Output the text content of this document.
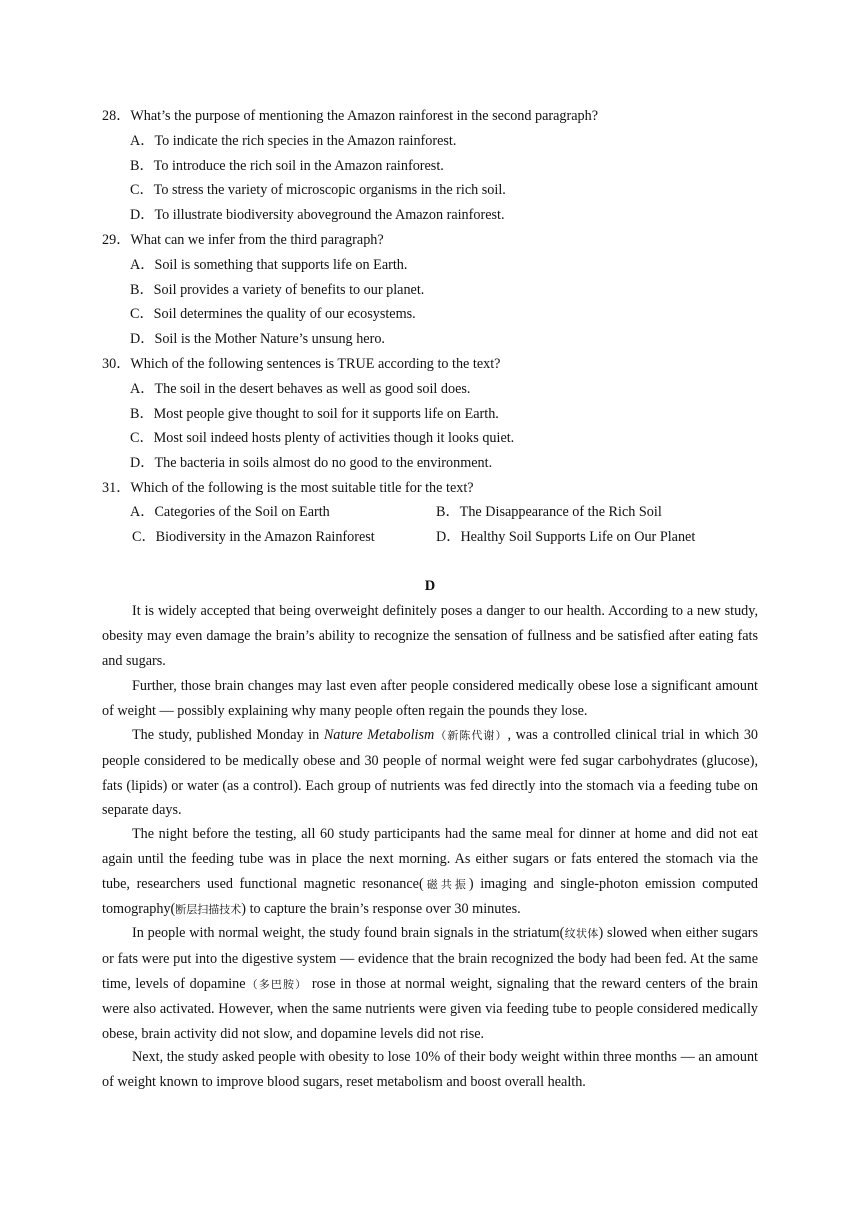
28．What’s the purpose of mentioning the Amazon rainforest in the second paragraph?
A．To indicate the rich species in the Amazon rainforest.
B．To introduce the rich soil in the Amazon rainforest.
C．To stress the variety of microscopic organisms in the rich soil.
D．To illustrate biodiversity aboveground the Amazon rainforest.
29．What can we infer from the third paragraph?
A．Soil is something that supports life on Earth.
B．Soil provides a variety of benefits to our planet.
C．Soil determines the quality of our ecosystems.
D．Soil is the Mother Nature’s unsung hero.
30．Which of the following sentences is TRUE according to the text?
A．The soil in the desert behaves as well as good soil does.
B．Most people give thought to soil for it supports life on Earth.
C．Most soil indeed hosts plenty of activities though it looks quiet.
D．The bacteria in soils almost do no good to the environment.
31．Which of the following is the most suitable title for the text?
A．Categories of the Soil on Earth	B．The Disappearance of the Rich Soil
C．Biodiversity in the Amazon Rainforest	D．Healthy Soil Supports Life on Our Planet
D

It is widely accepted that being overweight definitely poses a danger to our health. According to a new study, obesity may even damage the brain’s ability to recognize the sensation of fullness and be satisfied after eating fats and sugars.

Further, those brain changes may last even after people considered medically obese lose a significant amount of weight — possibly explaining why many people often regain the pounds they lose.

The study, published Monday in Nature Metabolism（新陈代谢）, was a controlled clinical trial in which 30 people considered to be medically obese and 30 people of normal weight were fed sugar carbohydrates (glucose), fats (lipids) or water (as a control). Each group of nutrients was fed directly into the stomach via a feeding tube on separate days.

The night before the testing, all 60 study participants had the same meal for dinner at home and did not eat again until the feeding tube was in place the next morning. As either sugars or fats entered the stomach via the tube, researchers used functional magnetic resonance(磁共振) imaging and single-photon emission computed tomography(断层扫描技术) to capture the brain’s response over 30 minutes.

In people with normal weight, the study found brain signals in the striatum(纹状体) slowed when either sugars or fats were put into the digestive system — evidence that the brain recognized the body had been fed. At the same time, levels of dopamine（多巴胺） rose in those at normal weight, signaling that the reward centers of the brain were also activated. However, when the same nutrients were given via feeding tube to people considered medically obese, brain activity did not slow, and dopamine levels did not rise.

Next, the study asked people with obesity to lose 10% of their body weight within three months — an amount of weight known to improve blood sugars, reset metabolism and boost overall health.
